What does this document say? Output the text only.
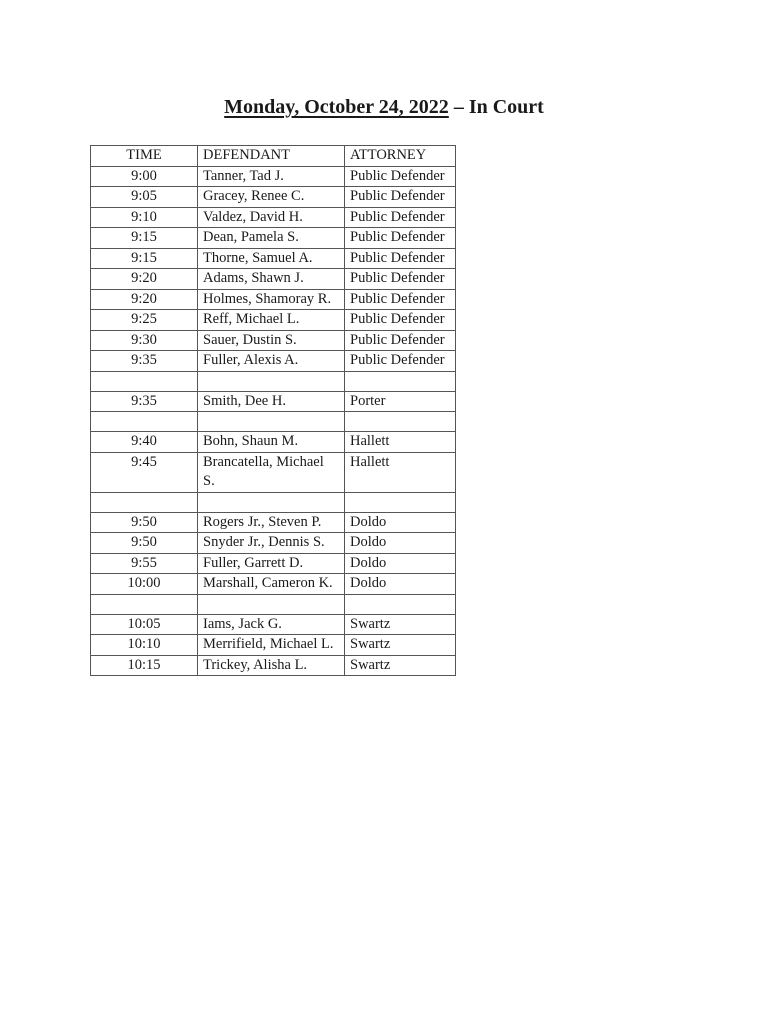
Monday, October 24, 2022 – In Court
TIME	DEFENDANT	ATTORNEY
9:00	Tanner, Tad J.	Public Defender
9:05	Gracey, Renee C.	Public Defender
9:10	Valdez, David H.	Public Defender
9:15	Dean, Pamela S.	Public Defender
9:15	Thorne, Samuel A.	Public Defender
9:20	Adams, Shawn J.	Public Defender
9:20	Holmes, Shamoray R.	Public Defender
9:25	Reff, Michael L.	Public Defender
9:30	Sauer, Dustin S.	Public Defender
9:35	Fuller, Alexis A.	Public Defender

9:35	Smith, Dee H.	Porter

9:40	Bohn, Shaun M.	Hallett
9:45	Brancatella, Michael S.	Hallett

9:50	Rogers Jr., Steven P.	Doldo
9:50	Snyder Jr., Dennis S.	Doldo
9:55	Fuller, Garrett D.	Doldo
10:00	Marshall, Cameron K.	Doldo

10:05	Iams, Jack G.	Swartz
10:10	Merrifield, Michael L.	Swartz
10:15	Trickey, Alisha L.	Swartz
